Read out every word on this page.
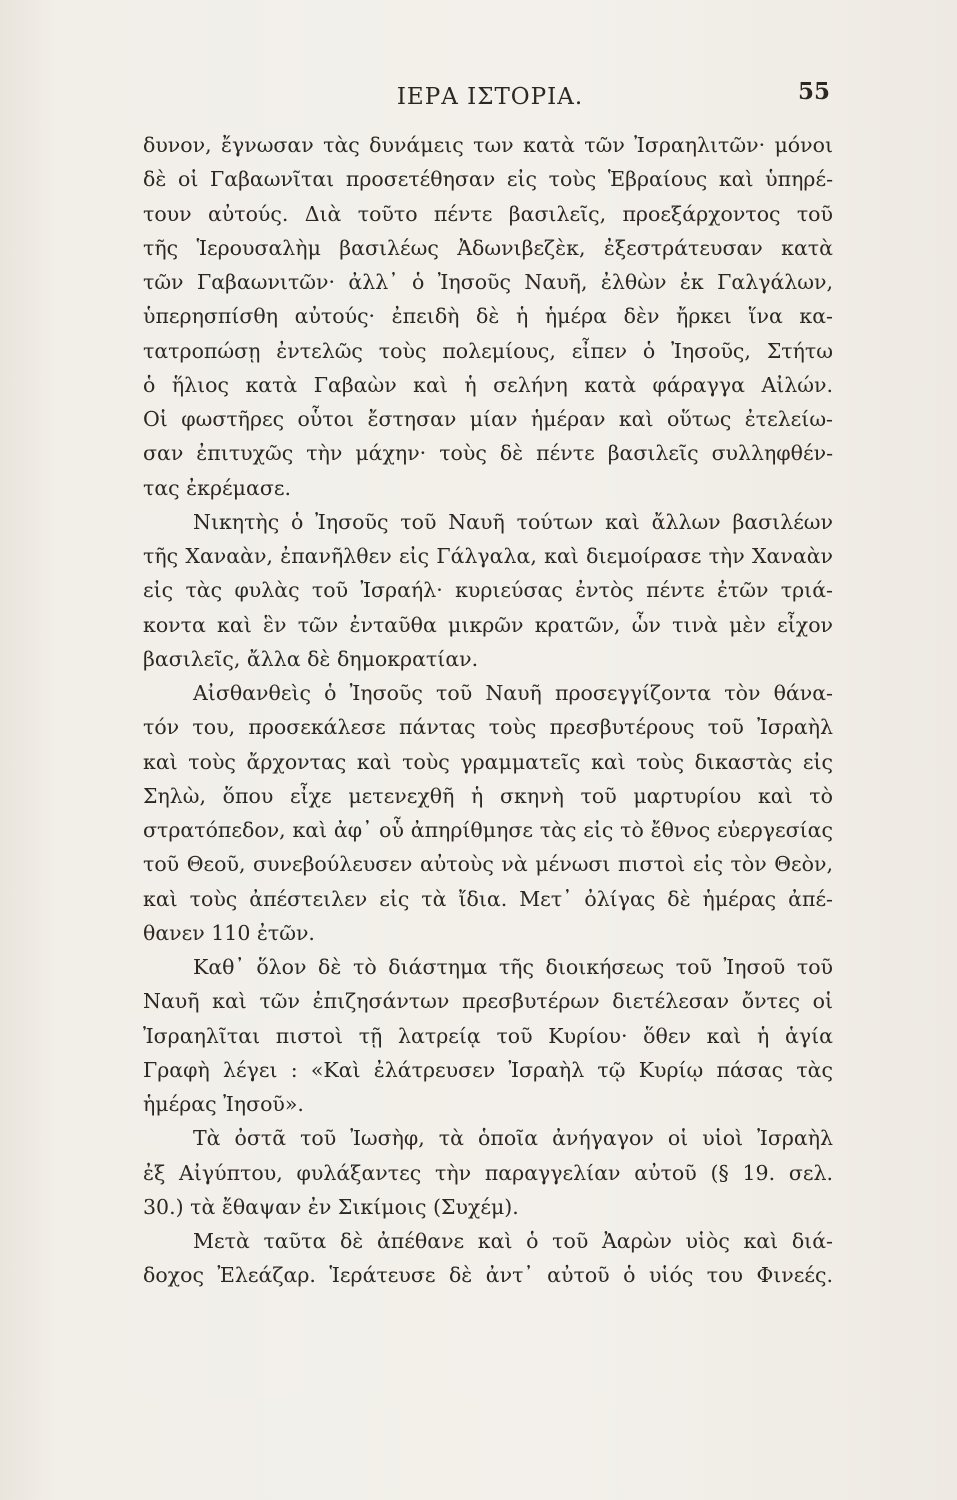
ΙΕΡΑ ΙΣΤΟΡΙΑ.	55
δυνον, ἔγνωσαν τὰς δυνάμεις των κατὰ τῶν Ἰσραηλιτῶν· μόνοι
δὲ οἱ Γαβαωνῖται προσετέθησαν εἰς τοὺς Ἑβραίους καὶ ὑπηρέ-
τουν αὐτούς. Διὰ τοῦτο πέντε βασιλεῖς, προεξάρχοντος τοῦ
τῆς Ἱερουσαλὴμ βασιλέως Ἀδωνιβεζὲκ, ἐξεστράτευσαν κατὰ
τῶν Γαβαωνιτῶν· ἀλλ᾽ ὁ Ἰησοῦς Ναυῆ, ἐλθὼν ἐκ Γαλγάλων,
ὑπερησπίσθη αὐτούς· ἐπειδὴ δὲ ἡ ἡμέρα δὲν ἤρκει ἵνα κα-
τατροπώσῃ ἐντελῶς τοὺς πολεμίους, εἶπεν ὁ Ἰησοῦς, Στήτω
ὁ ἥλιος κατὰ Γαβαὼν καὶ ἡ σελήνη κατὰ φάραγγα Αἰλών.
Οἱ φωστῆρες οὗτοι ἔστησαν μίαν ἡμέραν καὶ οὕτως ἐτελείω-
σαν ἐπιτυχῶς τὴν μάχην· τοὺς δὲ πέντε βασιλεῖς συλληφθέν-
τας ἐκρέμασε.
Νικητὴς ὁ Ἰησοῦς τοῦ Ναυῆ τούτων καὶ ἄλλων βασιλέων
τῆς Χαναὰν, ἐπανῆλθεν εἰς Γάλγαλα, καὶ διεμοίρασε τὴν Χαναὰν
εἰς τὰς φυλὰς τοῦ Ἰσραήλ· κυριεύσας ἐντὸς πέντε ἐτῶν τριά-
κοντα καὶ ἓν τῶν ἐνταῦθα μικρῶν κρατῶν, ὧν τινὰ μὲν εἶχον
βασιλεῖς, ἄλλα δὲ δημοκρατίαν.
Αἰσθανθεὶς ὁ Ἰησοῦς τοῦ Ναυῆ προσεγγίζοντα τὸν θάνα-
τόν του, προσεκάλεσε πάντας τοὺς πρεσβυτέρους τοῦ Ἰσραὴλ
καὶ τοὺς ἄρχοντας καὶ τοὺς γραμματεῖς καὶ τοὺς δικαστὰς εἰς
Σηλὼ, ὅπου εἶχε μετενεχθῆ ἡ σκηνὴ τοῦ μαρτυρίου καὶ τὸ
στρατόπεδον, καὶ ἀφ᾽ οὗ ἀπηρίθμησε τὰς εἰς τὸ ἔθνος εὐεργεσίας
τοῦ Θεοῦ, συνεβούλευσεν αὐτοὺς νὰ μένωσι πιστοὶ εἰς τὸν Θεὸν,
καὶ τοὺς ἀπέστειλεν εἰς τὰ ἴδια. Μετ᾽ ὀλίγας δὲ ἡμέρας ἀπέ-
θανεν 110 ἐτῶν.
Καθ᾽ ὅλον δὲ τὸ διάστημα τῆς διοικήσεως τοῦ Ἰησοῦ τοῦ
Ναυῆ καὶ τῶν ἐπιζησάντων πρεσβυτέρων διετέλεσαν ὄντες οἱ
Ἰσραηλῖται πιστοὶ τῇ λατρείᾳ τοῦ Κυρίου· ὅθεν καὶ ἡ ἁγία
Γραφὴ λέγει : «Καὶ ἐλάτρευσεν Ἰσραὴλ τῷ Κυρίῳ πάσας τὰς
ἡμέρας Ἰησοῦ».
Τὰ ὀστᾶ τοῦ Ἰωσὴφ, τὰ ὁποῖα ἀνήγαγον οἱ υἱοὶ Ἰσραὴλ
ἐξ Αἰγύπτου, φυλάξαντες τὴν παραγγελίαν αὐτοῦ (§ 19. σελ.
30.) τὰ ἔθαψαν ἐν Σικίμοις (Συχέμ).
Μετὰ ταῦτα δὲ ἀπέθανε καὶ ὁ τοῦ Ἀαρὼν υἱὸς καὶ διά-
δοχος Ἐλεάζαρ. Ἱεράτευσε δὲ ἀντ᾽ αὐτοῦ ὁ υἱός του Φινεές.
